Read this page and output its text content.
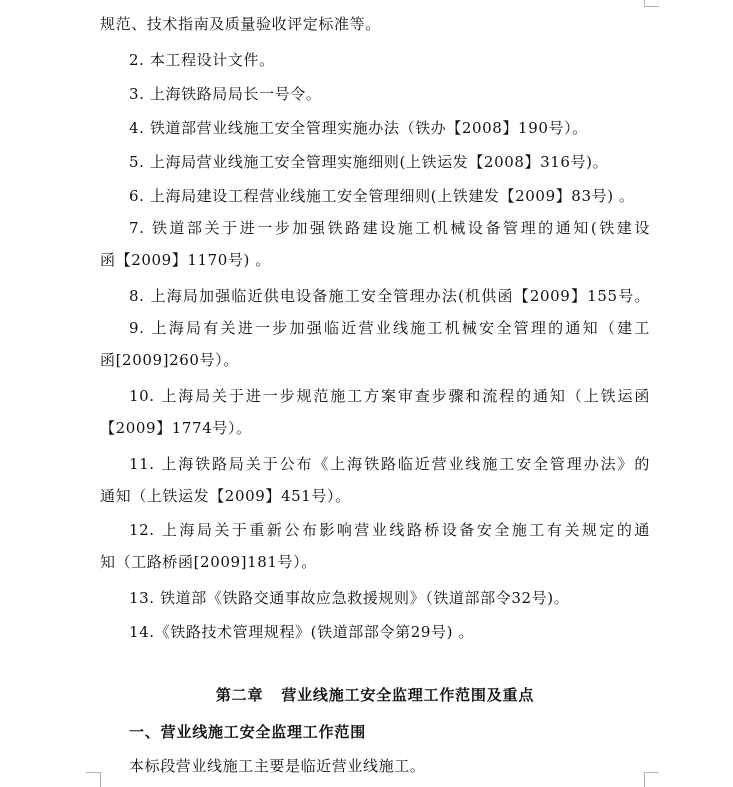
规范、技术指南及质量验收评定标准等。
2. 本工程设计文件。
3. 上海铁路局局长一号令。
4. 铁道部营业线施工安全管理实施办法（铁办【2008】190号）。
5. 上海局营业线施工安全管理实施细则(上铁运发【2008】316号)。
6. 上海局建设工程营业线施工安全管理细则(上铁建发【2009】83号) 。
7. 铁道部关于进一步加强铁路建设施工机械设备管理的通知(铁建设
函【2009】1170号) 。
8. 上海局加强临近供电设备施工安全管理办法(机供函【2009】155号。
9. 上海局有关进一步加强临近营业线施工机械安全管理的通知（建工
函[2009]260号）。
10. 上海局关于进一步规范施工方案审查步骤和流程的通知（上铁运函
【2009】1774号）。
11. 上海铁路局关于公布《上海铁路临近营业线施工安全管理办法》的
通知（上铁运发【2009】451号）。
12. 上海局关于重新公布影响营业线路桥设备安全施工有关规定的通
知（工路桥函[2009]181号）。
13. 铁道部《铁路交通事故应急救援规则》（铁道部部令32号)。
14.《铁路技术管理规程》(铁道部部令第29号) 。
第二章   营业线施工安全监理工作范围及重点
一、营业线施工安全监理工作范围
本标段营业线施工主要是临近营业线施工。
